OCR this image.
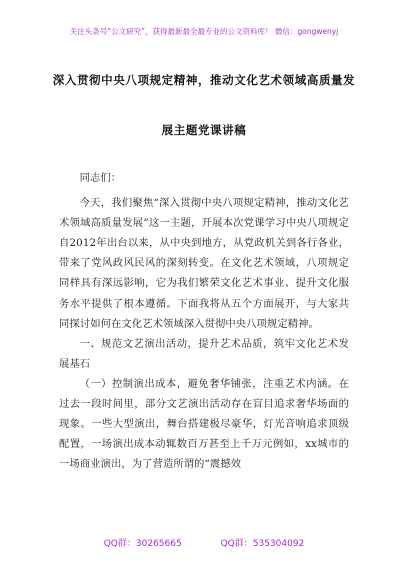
关注头条号“公文研究”，获得最新最全最专业的公文资料库！ 微信：gongwenyj
深入贯彻中央八项规定精神，推动文化艺术领域高质量发
展主题党课讲稿

同志们：

今天，我们聚焦“深入贯彻中央八项规定精神，推动文化艺术领域高质量发展”这一主题，开展本次党课学习中央八项规定自2012年出台以来，从中央到地方，从党政机关到各行各业，带来了党风政风民风的深刻转变。在文化艺术领域，八项规定同样具有深远影响，它为我们繁荣文化艺术事业、提升文化服务水平提供了根本遵循。下面我将从五个方面展开，与大家共同探讨如何在文化艺术领域深入贯彻中央八项规定精神。

一、规范文艺演出活动，提升艺术品质，筑牢文化艺术发展基石

（一）控制演出成本，避免奢华铺张，注重艺术内涵。在过去一段时间里，部分文艺演出活动存在盲目追求奢华场面的现象。一些大型演出，舞台搭建极尽豪华，灯光音响追求顶级配置，一场演出成本动辄数百万甚至上千万元例如，xx城市的一场商业演出，为了营造所谓的“震撼效

QQ群：30265665	QQ群：535304092
